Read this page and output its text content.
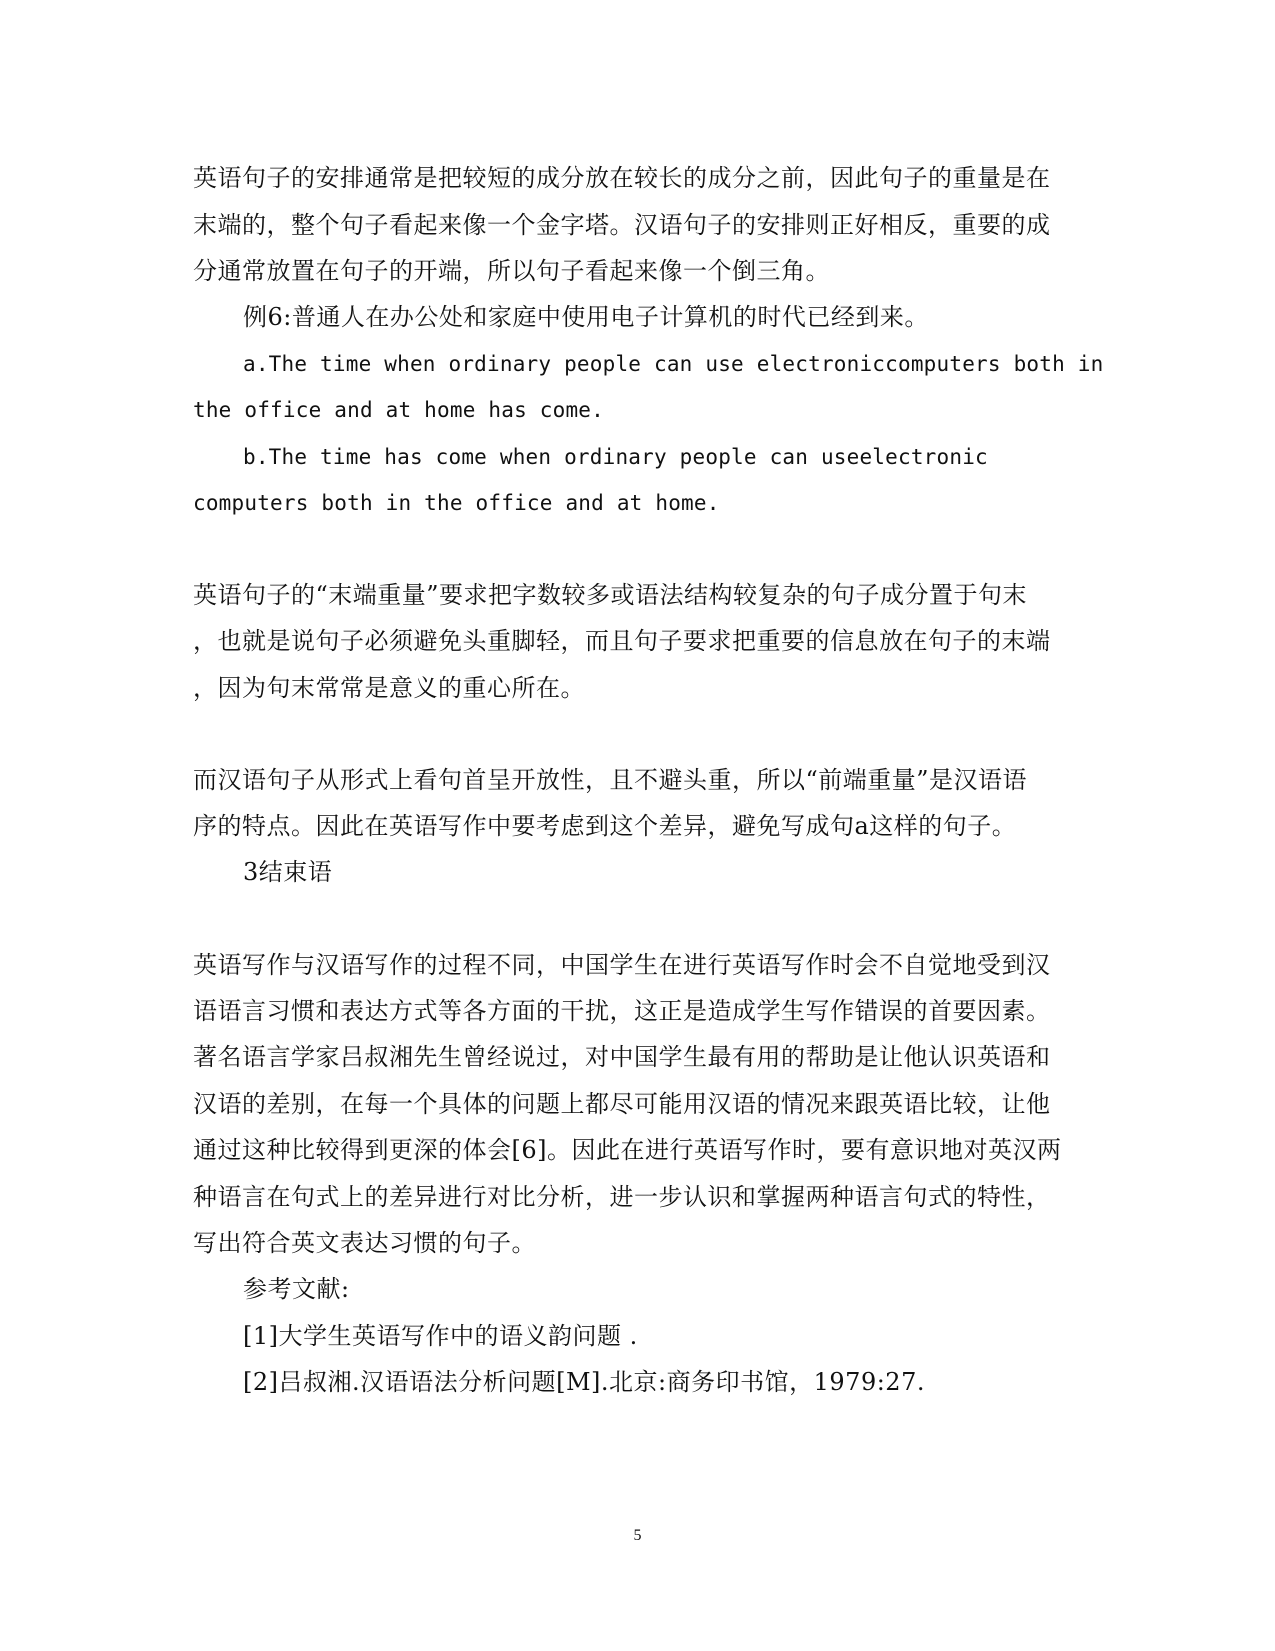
英语句子的安排通常是把较短的成分放在较长的成分之前，因此句子的重量是在
末端的，整个句子看起来像一个金字塔。汉语句子的安排则正好相反，重要的成
分通常放置在句子的开端，所以句子看起来像一个倒三角。
例6:普通人在办公处和家庭中使用电子计算机的时代已经到来。
a.The time when ordinary people can use electroniccomputers both in
the office and at home has come.
b.The time has come when ordinary people can useelectronic
computers both in the office and at home.
英语句子的“末端重量”要求把字数较多或语法结构较复杂的句子成分置于句末
，也就是说句子必须避免头重脚轻，而且句子要求把重要的信息放在句子的末端
，因为句末常常是意义的重心所在。
而汉语句子从形式上看句首呈开放性，且不避头重，所以“前端重量”是汉语语
序的特点。因此在英语写作中要考虑到这个差异，避免写成句a这样的句子。
3结束语
英语写作与汉语写作的过程不同，中国学生在进行英语写作时会不自觉地受到汉
语语言习惯和表达方式等各方面的干扰，这正是造成学生写作错误的首要因素。
著名语言学家吕叔湘先生曾经说过，对中国学生最有用的帮助是让他认识英语和
汉语的差别，在每一个具体的问题上都尽可能用汉语的情况来跟英语比较，让他
通过这种比较得到更深的体会[6]。因此在进行英语写作时，要有意识地对英汉两
种语言在句式上的差异进行对比分析，进一步认识和掌握两种语言句式的特性，
写出符合英文表达习惯的句子。
参考文献:
[1]大学生英语写作中的语义韵问题 .
[2]吕叔湘.汉语语法分析问题[M].北京:商务印书馆，1979:27.
5
